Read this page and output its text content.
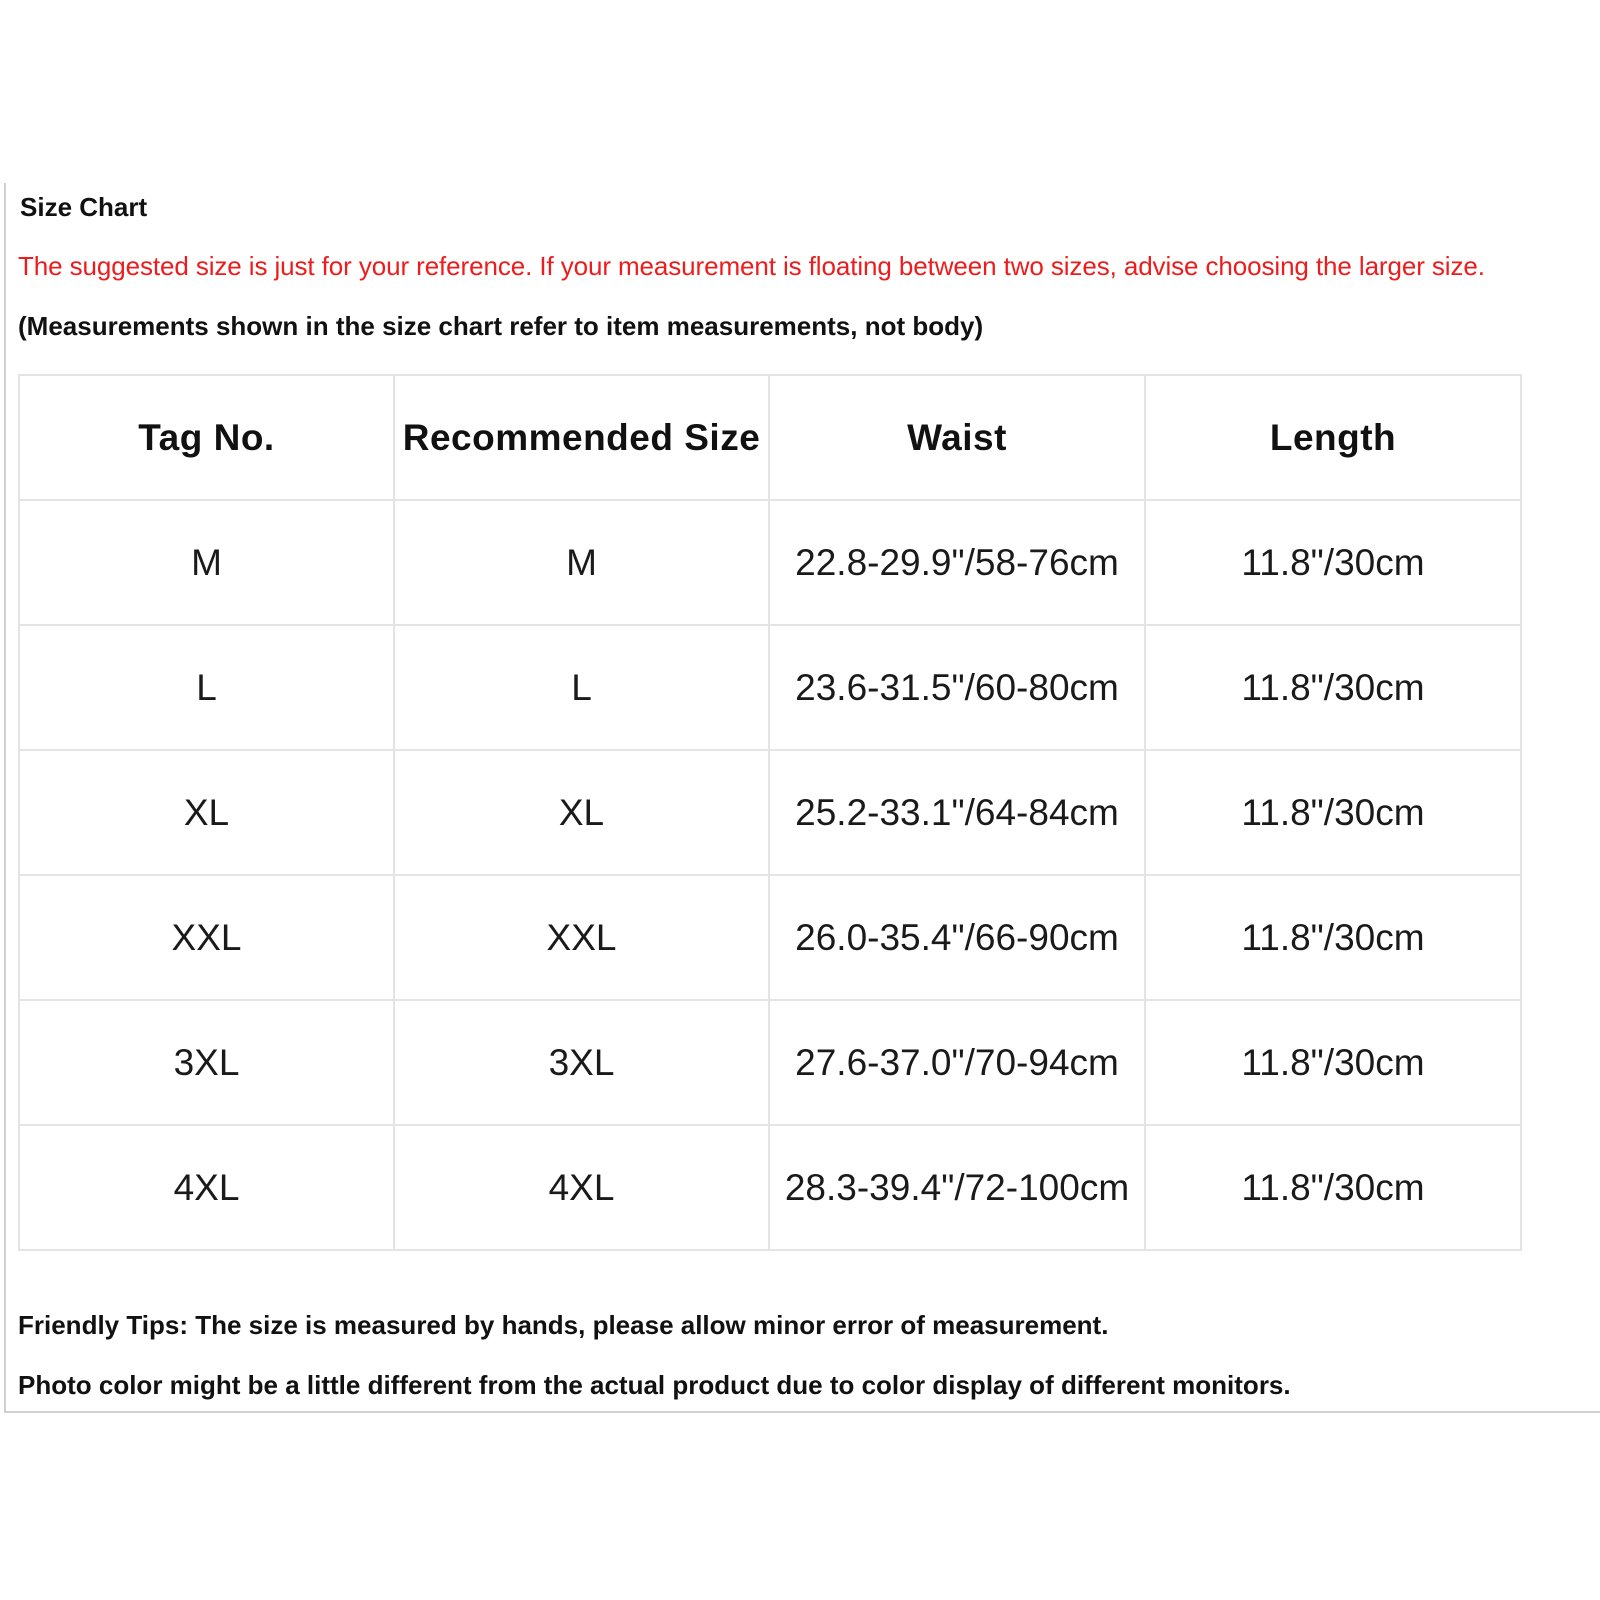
Size Chart
The suggested size is just for your reference. If your measurement is floating between two sizes, advise choosing the larger size.
(Measurements shown in the size chart refer to item measurements, not body)
Tag No.	Recommended Size	Waist	Length
M	M	22.8-29.9"/58-76cm	11.8"/30cm
L	L	23.6-31.5"/60-80cm	11.8"/30cm
XL	XL	25.2-33.1"/64-84cm	11.8"/30cm
XXL	XXL	26.0-35.4"/66-90cm	11.8"/30cm
3XL	3XL	27.6-37.0"/70-94cm	11.8"/30cm
4XL	4XL	28.3-39.4"/72-100cm	11.8"/30cm
Friendly Tips: The size is measured by hands, please allow minor error of measurement.
Photo color might be a little different from the actual product due to color display of different monitors.
